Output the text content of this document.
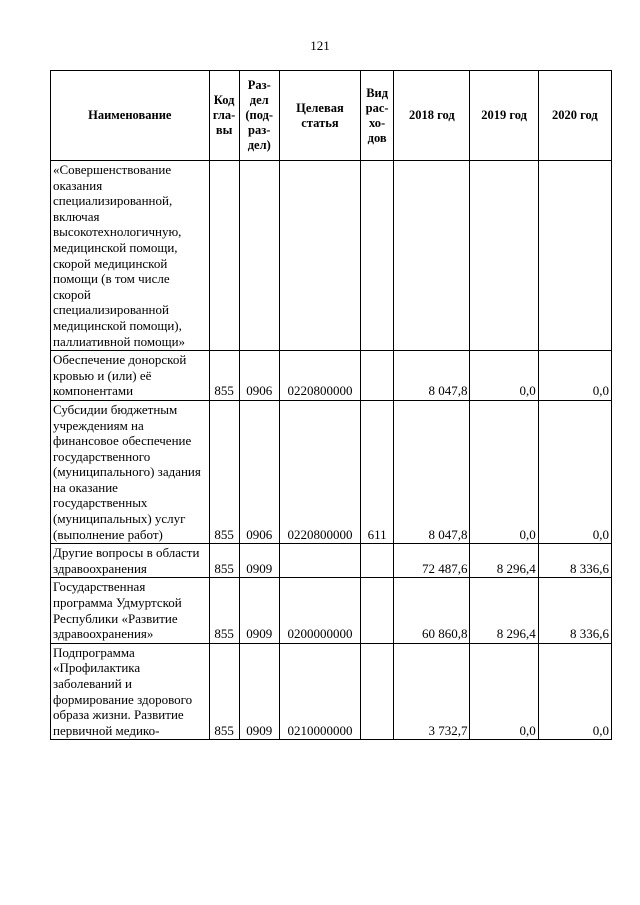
121
Наименование	Код гла-вы	Раз-дел (под-раз-дел)	Целевая статья	Вид рас-хо-дов	2018 год	2019 год	2020 год
«Совершенствование оказания специализированной, включая высокотехнологичную, медицинской помощи, скорой медицинской помощи (в том числе скорой специализированной медицинской помощи), паллиативной помощи»							
Обеспечение донорской кровью и (или) её компонентами	855	0906	0220800000		8 047,8	0,0	0,0
Субсидии бюджетным учреждениям на финансовое обеспечение государственного (муниципального) задания на оказание государственных (муниципальных) услуг (выполнение работ)	855	0906	0220800000	611	8 047,8	0,0	0,0
Другие вопросы в области здравоохранения	855	0909			72 487,6	8 296,4	8 336,6
Государственная программа Удмуртской Республики «Развитие здравоохранения»	855	0909	0200000000		60 860,8	8 296,4	8 336,6
Подпрограмма «Профилактика заболеваний и формирование здорового образа жизни. Развитие первичной медико-	855	0909	0210000000		3 732,7	0,0	0,0
